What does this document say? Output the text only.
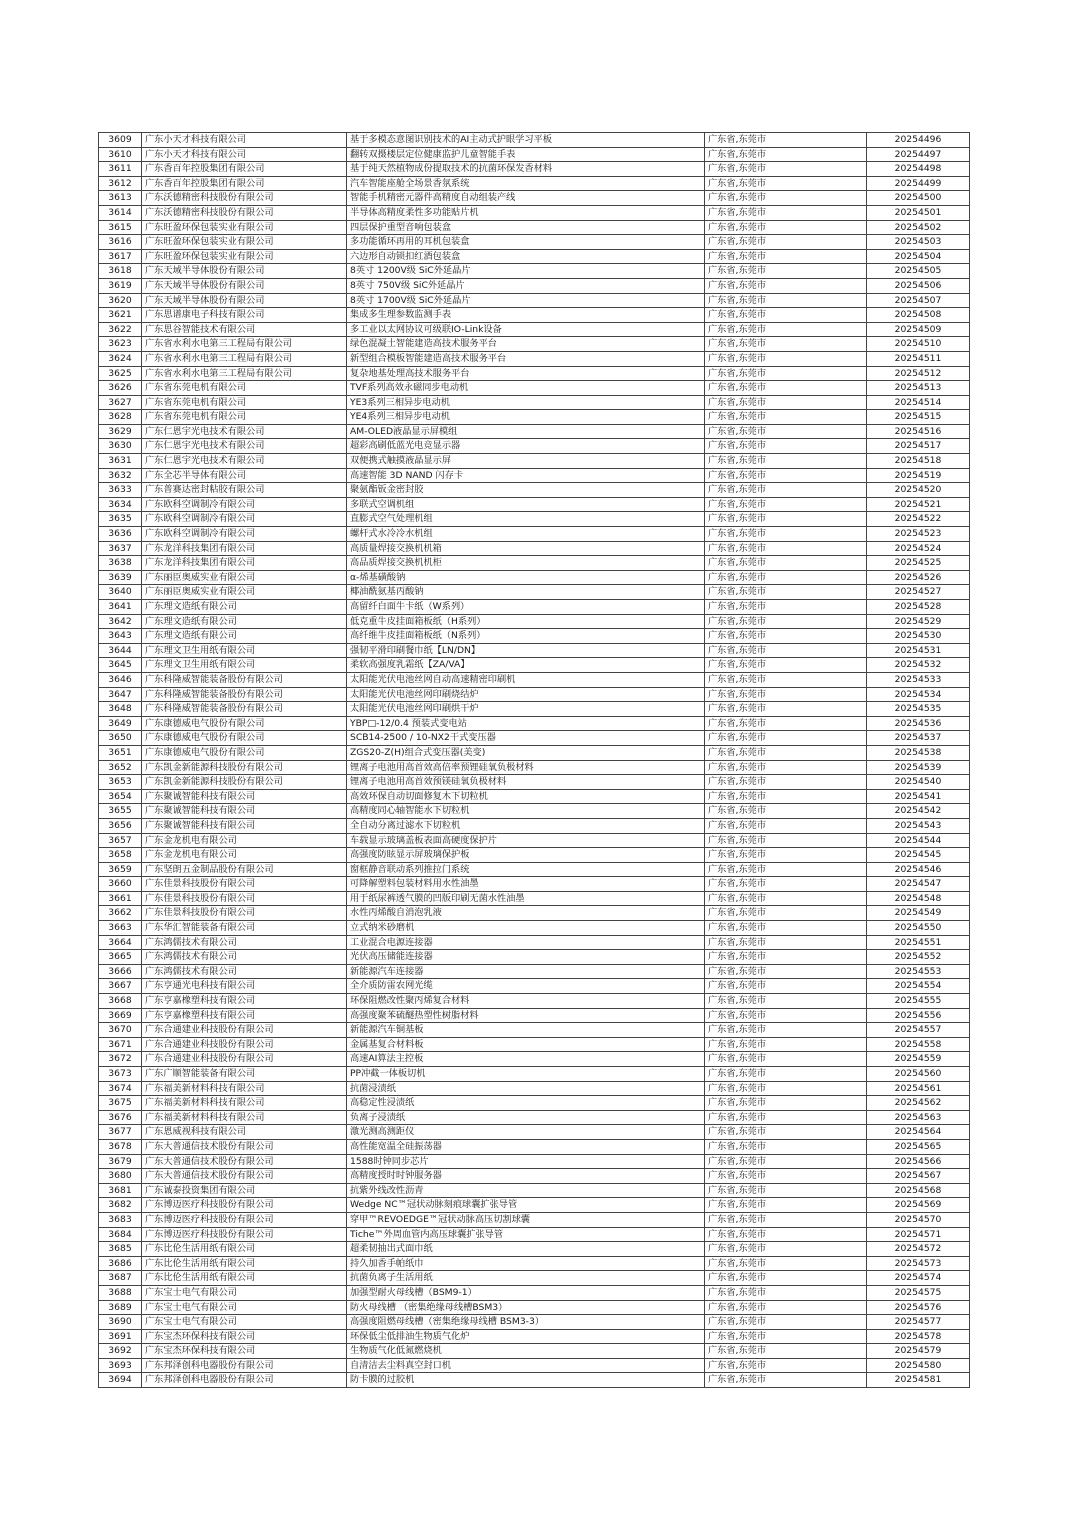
3609	广东小天才科技有限公司	基于多模态意图识别技术的AI主动式护眼学习平板	广东省,东莞市	20254496
3610	广东小天才科技有限公司	翻转双摄楼层定位健康监护儿童智能手表	广东省,东莞市	20254497
3611	广东香百年控股集团有限公司	基于纯天然植物成份提取技术的抗菌环保发香材料	广东省,东莞市	20254498
3612	广东香百年控股集团有限公司	汽车智能座舱全场景香氛系统	广东省,东莞市	20254499
3613	广东沃德精密科技股份有限公司	智能手机精密元器件高精度自动组装产线	广东省,东莞市	20254500
3614	广东沃德精密科技股份有限公司	半导体高精度柔性多功能贴片机	广东省,东莞市	20254501
3615	广东旺盈环保包装实业有限公司	四层保护重型音响包装盒	广东省,东莞市	20254502
3616	广东旺盈环保包装实业有限公司	多功能循环再用的耳机包装盒	广东省,东莞市	20254503
3617	广东旺盈环保包装实业有限公司	六边形自动锁扣红酒包装盒	广东省,东莞市	20254504
3618	广东天域半导体股份有限公司	8英寸 1200V级 SiC外延晶片	广东省,东莞市	20254505
3619	广东天域半导体股份有限公司	8英寸 750V级 SiC外延晶片	广东省,东莞市	20254506
3620	广东天域半导体股份有限公司	8英寸 1700V级 SiC外延晶片	广东省,东莞市	20254507
3621	广东思谱康电子科技有限公司	集成多生理参数监测手表	广东省,东莞市	20254508
3622	广东思谷智能技术有限公司	多工业以太网协议可级联IO-Link设备	广东省,东莞市	20254509
3623	广东省水利水电第三工程局有限公司	绿色混凝土智能建造高技术服务平台	广东省,东莞市	20254510
3624	广东省水利水电第三工程局有限公司	新型组合模板智能建造高技术服务平台	广东省,东莞市	20254511
3625	广东省水利水电第三工程局有限公司	复杂地基处理高技术服务平台	广东省,东莞市	20254512
3626	广东省东莞电机有限公司	TVF系列高效永磁同步电动机	广东省,东莞市	20254513
3627	广东省东莞电机有限公司	YE3系列三相异步电动机	广东省,东莞市	20254514
3628	广东省东莞电机有限公司	YE4系列三相异步电动机	广东省,东莞市	20254515
3629	广东仁恩宇光电技术有限公司	AM-OLED液晶显示屏模组	广东省,东莞市	20254516
3630	广东仁恩宇光电技术有限公司	超彩高刷低蓝光电竞显示器	广东省,东莞市	20254517
3631	广东仁恩宇光电技术有限公司	双便携式触摸液晶显示屏	广东省,东莞市	20254518
3632	广东全芯半导体有限公司	高速智能 3D NAND 闪存卡	广东省,东莞市	20254519
3633	广东普赛达密封粘胶有限公司	聚氨酯钣金密封胶	广东省,东莞市	20254520
3634	广东欧科空调制冷有限公司	多联式空调机组	广东省,东莞市	20254521
3635	广东欧科空调制冷有限公司	直膨式空气处理机组	广东省,东莞市	20254522
3636	广东欧科空调制冷有限公司	螺杆式水冷冷水机组	广东省,东莞市	20254523
3637	广东龙洋科技集团有限公司	高质量焊接交换机机箱	广东省,东莞市	20254524
3638	广东龙洋科技集团有限公司	高品质焊接交换机机柜	广东省,东莞市	20254525
3639	广东丽臣奥威实业有限公司	α-烯基磺酸钠	广东省,东莞市	20254526
3640	广东丽臣奥威实业有限公司	椰油酰氨基丙酸钠	广东省,东莞市	20254527
3641	广东理文造纸有限公司	高留纤白面牛卡纸（W系列）	广东省,东莞市	20254528
3642	广东理文造纸有限公司	低克重牛皮挂面箱板纸（H系列）	广东省,东莞市	20254529
3643	广东理文造纸有限公司	高纤维牛皮挂面箱板纸（N系列）	广东省,东莞市	20254530
3644	广东理文卫生用纸有限公司	强韧平滑印刷餐巾纸【LN/DN】	广东省,东莞市	20254531
3645	广东理文卫生用纸有限公司	柔软高强度乳霜纸【ZA/VA】	广东省,东莞市	20254532
3646	广东科隆威智能装备股份有限公司	太阳能光伏电池丝网自动高速精密印刷机	广东省,东莞市	20254533
3647	广东科隆威智能装备股份有限公司	太阳能光伏电池丝网印刷烧结炉	广东省,东莞市	20254534
3648	广东科隆威智能装备股份有限公司	太阳能光伏电池丝网印刷烘干炉	广东省,东莞市	20254535
3649	广东康德威电气股份有限公司	YBP□-12/0.4 预装式变电站	广东省,东莞市	20254536
3650	广东康德威电气股份有限公司	SCB14-2500 / 10-NX2干式变压器	广东省,东莞市	20254537
3651	广东康德威电气股份有限公司	ZGS20-Z(H)组合式变压器(美变)	广东省,东莞市	20254538
3652	广东凯金新能源科技股份有限公司	锂离子电池用高首效高倍率预锂硅氧负极材料	广东省,东莞市	20254539
3653	广东凯金新能源科技股份有限公司	锂离子电池用高首效预镁硅氧负极材料	广东省,东莞市	20254540
3654	广东聚诚智能科技有限公司	高效环保自动切面修复木下切粒机	广东省,东莞市	20254541
3655	广东聚诚智能科技有限公司	高精度同心轴智能水下切粒机	广东省,东莞市	20254542
3656	广东聚诚智能科技有限公司	全自动分离过滤水下切粒机	广东省,东莞市	20254543
3657	广东金龙机电有限公司	车载显示玻璃盖板表面高硬度保护片	广东省,东莞市	20254544
3658	广东金龙机电有限公司	高强度防眩显示屏玻璃保护板	广东省,东莞市	20254545
3659	广东坚朗五金制品股份有限公司	窗框静音联动系列推拉门系统	广东省,东莞市	20254546
3660	广东佳景科技股份有限公司	可降解塑料包装材料用水性油墨	广东省,东莞市	20254547
3661	广东佳景科技股份有限公司	用于纸尿裤透气膜的凹版印刷无菌水性油墨	广东省,东莞市	20254548
3662	广东佳景科技股份有限公司	水性丙烯酸自消泡乳液	广东省,东莞市	20254549
3663	广东华汇智能装备有限公司	立式纳米砂磨机	广东省,东莞市	20254550
3664	广东鸿儒技术有限公司	工业混合电源连接器	广东省,东莞市	20254551
3665	广东鸿儒技术有限公司	光伏高压储能连接器	广东省,东莞市	20254552
3666	广东鸿儒技术有限公司	新能源汽车连接器	广东省,东莞市	20254553
3667	广东亨通光电科技有限公司	全介质防雷农网光缆	广东省,东莞市	20254554
3668	广东亨嘉橡塑科技有限公司	环保阻燃改性聚丙烯复合材料	广东省,东莞市	20254555
3669	广东亨嘉橡塑科技有限公司	高强度聚苯硫醚热塑性树脂材料	广东省,东莞市	20254556
3670	广东合通建业科技股份有限公司	新能源汽车铜基板	广东省,东莞市	20254557
3671	广东合通建业科技股份有限公司	金属基复合材料板	广东省,东莞市	20254558
3672	广东合通建业科技股份有限公司	高速AI算法主控板	广东省,东莞市	20254559
3673	广东广顺智能装备有限公司	PP冲截一体板切机	广东省,东莞市	20254560
3674	广东福美新材料科技有限公司	抗菌浸渍纸	广东省,东莞市	20254561
3675	广东福美新材料科技有限公司	高稳定性浸渍纸	广东省,东莞市	20254562
3676	广东福美新材料科技有限公司	负离子浸渍纸	广东省,东莞市	20254563
3677	广东恩威视科技有限公司	激光测高测距仪	广东省,东莞市	20254564
3678	广东大普通信技术股份有限公司	高性能宽温全硅振荡器	广东省,东莞市	20254565
3679	广东大普通信技术股份有限公司	1588时钟同步芯片	广东省,东莞市	20254566
3680	广东大普通信技术股份有限公司	高精度授时时钟服务器	广东省,东莞市	20254567
3681	广东诚泰投资集团有限公司	抗紫外线改性沥青	广东省,东莞市	20254568
3682	广东博迈医疗科技股份有限公司	Wedge NC™冠状动脉刻痕球囊扩张导管	广东省,东莞市	20254569
3683	广东博迈医疗科技股份有限公司	穿甲™REVOEDGE™冠状动脉高压切割球囊	广东省,东莞市	20254570
3684	广东博迈医疗科技股份有限公司	Tiche™外周血管内高压球囊扩张导管	广东省,东莞市	20254571
3685	广东比伦生活用纸有限公司	超柔韧抽出式面巾纸	广东省,东莞市	20254572
3686	广东比伦生活用纸有限公司	持久加香手帕纸巾	广东省,东莞市	20254573
3687	广东比伦生活用纸有限公司	抗菌负离子生活用纸	广东省,东莞市	20254574
3688	广东宝士电气有限公司	加强型耐火母线槽（BSM9-1）	广东省,东莞市	20254575
3689	广东宝士电气有限公司	防火母线槽 （密集绝缘母线槽BSM3）	广东省,东莞市	20254576
3690	广东宝士电气有限公司	高强度阻燃母线槽（密集绝缘母线槽 BSM3-3）	广东省,东莞市	20254577
3691	广东宝杰环保科技有限公司	环保低尘低排油生物质气化炉	广东省,东莞市	20254578
3692	广东宝杰环保科技有限公司	生物质气化低氮燃烧机	广东省,东莞市	20254579
3693	广东邦泽创科电器股份有限公司	自清洁去尘料真空封口机	广东省,东莞市	20254580
3694	广东邦泽创科电器股份有限公司	防卡膜的过胶机	广东省,东莞市	20254581
